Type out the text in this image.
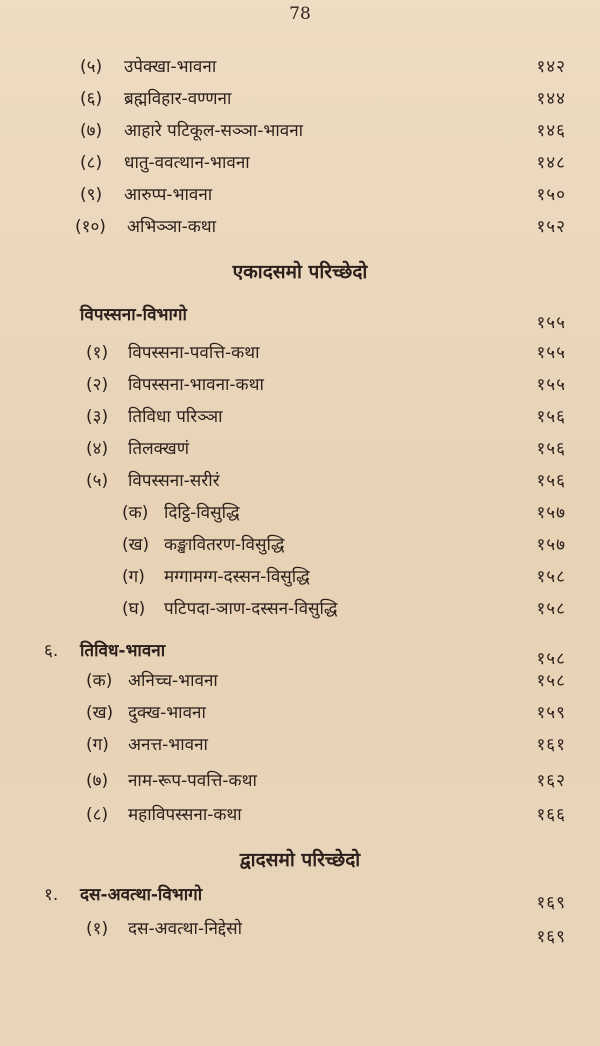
78
(५) उपेक्खा-भावना	१४२
(६) ब्रह्मविहार-वण्णना	१४४
(७) आहारे पटिकूल-सञ्ञा-भावना	१४६
(८) धातु-ववत्थान-भावना	१४८
(९) आरुप्प-भावना	१५०
(१०) अभिञ्ञा-कथा	१५२
एकादसमो परिच्छेदो
विपस्सना-विभागो	१५५
(१) विपस्सना-पवत्ति-कथा	१५५
(२) विपस्सना-भावना-कथा	१५५
(३) तिविधा परिञ्ञा	१५६
(४) तिलक्खणं	१५६
(५) विपस्सना-सरीरं	१५६
(क) दिट्ठि-विसुद्धि	१५७
(ख) कङ्खावितरण-विसुद्धि	१५७
(ग) मग्गामग्ग-दस्सन-विसुद्धि	१५८
(घ) पटिपदा-ञाण-दस्सन-विसुद्धि	१५८
६. तिविध-भावना	१५८
(क) अनिच्च-भावना	१५८
(ख) दुक्ख-भावना	१५९
(ग) अनत्त-भावना	१६१
(७) नाम-रूप-पवत्ति-कथा	१६२
(८) महाविपस्सना-कथा	१६६
द्वादसमो परिच्छेदो
१. दस-अवत्था-विभागो	१६९
(१) दस-अवत्था-निद्देसो	१६९
